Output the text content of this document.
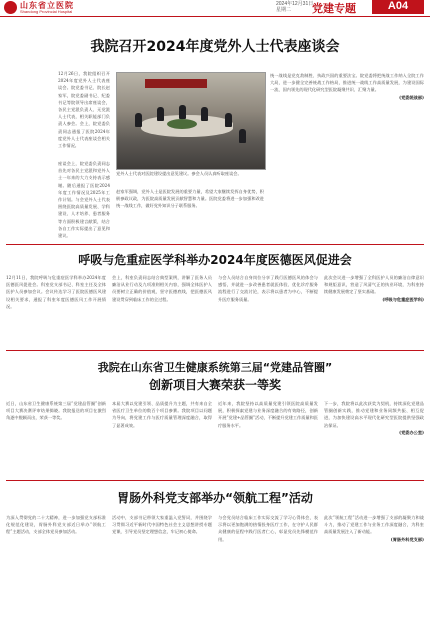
山东省立医院
Shandong Provincial Hospital
2024年12月31日
星期二	党建专题	A04
我院召开2024年度党外人士代表座谈会

12月26日，我院组织召开2024年度党外人士代表座谈会。院党委书记、院长赵家军，院党委副书记、纪委书记等院领导出席座谈会，各民主党派负责人、无党派人士代表，相关职能部门负责人参会。会上，院党委负责同志通报了医院2024年度党外人士代表座谈会相关工作情况。

座谈会上，院党委负责同志首先对各民主党派和党外人士一年来的大力支持表示感谢。随后通报了医院2024年度工作情况及2025年工作计划。与会党外人士代表围绕医院高质量发展、学科建设、人才培养、患者服务等方面积极建言献策，结合各自工作实际提出了意见和建议。

党外人士代表对医院建设提出意见建议。参会人员认真听取座谈会。

赵家军强调，党外人士是医院发展的重要力量，希望大家继续发挥自身优势，积极参政议政，为医院高质量发展贡献智慧和力量。医院党委将进一步加强和改进统一战线工作，做好党外知识分子联系服务。

统一战线是党克敌制胜、执政兴国的重要法宝。院党委将把统战工作纳入全院工作大局，进一步健全完善统战工作格局，推进统一战线工作高质量发展，为建设国际一流、国内领先的现代化研究型医院凝聚共识、汇聚力量。

(党委统战部)

呼吸与危重症医学科举办2024年度医德医风促进会

12月11日，我院呼吸与危重症医学科举办2024年度医德医风促进会。科室党支部书记、科室主任及全体医护人员参加会议。会议传达学习了医院医德医风建设相关要求，通报了科室年度医德医风工作开展情况。

会上，科室负责同志结合典型案例，讲解了医务人员廉洁从业行动及九项准则相关内容，强调全体医护人员要树立正确的价值观，坚守医德底线，把医德医风建设贯穿到临床工作的全过程。

与会人员结合自身岗位分享了践行医德医风的体会与感悟，并就进一步改善患者就医体验、优化诊疗服务流程进行了交流讨论，表示将以患者为中心，不断提升医疗服务质量。

此次会议进一步增强了全科医护人员的廉洁自律意识和规矩意识，营造了风清气正的执业环境，为科室持续健康发展奠定了坚实基础。

(呼吸与危重症医学科)

我院在山东省卫生健康系统第三届“党建品管圈”
创新项目大赛荣获一等奖

近日，山东省卫生健康系统第三届“党建品管圈”创新项目大赛决赛评审结果揭晓。我院报送的项目在激烈角逐中脱颖而出，荣获一等奖。

本届大赛以党建引领、品质提升为主题，共有来自全省医疗卫生单位的数百个项目参赛。我院项目以问题为导向，将党建工作与医疗质量管理深度融合，取得了显著成效。

近年来，我院坚持以高质量党建引领医院高质量发展，积极探索党建与业务深度融合的有效路径，创新开展“党建+品管圈”活动，不断提升党建工作质量和医疗服务水平。

下一步，我院将以此次获奖为契机，持续深化党建品管圈创新实践，推动党建和业务同频共振、相互促进，为加快建设高水平现代化研究型医院提供坚强政治保证。

(党委办公室)

胃肠外科党支部举办“领航工程”活动

为深入贯彻党的二十大精神，进一步加强党支部标准化规范化建设，胃肠外科党支部近日举办“领航工程”主题活动，支部全体党员参加活动。

活动中，支部书记带领大家重温入党誓词，并围绕学习贯彻习近平新时代中国特色社会主义思想讲授专题党课，引导党员坚定理想信念，牢记初心使命。

与会党员结合临床工作实际交流了学习心得体会，表示将以更加饱满的热情投身医疗工作，在守护人民群众健康的征程中践行医者仁心，彰显党员先锋模范作用。

此次“领航工程”活动进一步增强了支部的凝聚力和战斗力，推动了党建工作与业务工作深度融合，为科室高质量发展注入了新动能。

(胃肠外科党支部)
